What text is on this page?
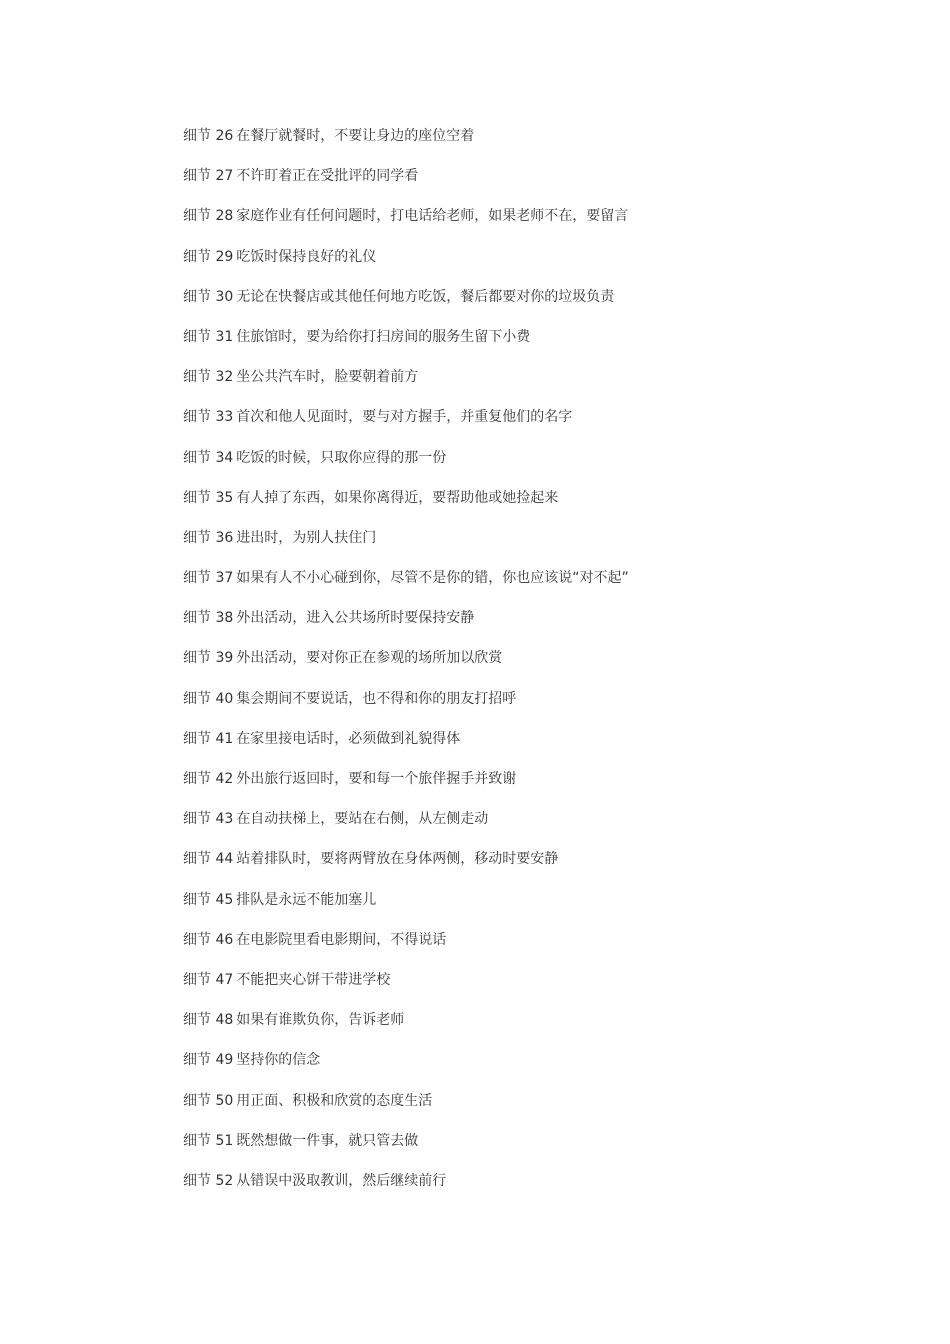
细节 26 在餐厅就餐时，不要让身边的座位空着
细节 27 不许盯着正在受批评的同学看
细节 28 家庭作业有任何问题时，打电话给老师，如果老师不在，要留言
细节 29 吃饭时保持良好的礼仪
细节 30 无论在快餐店或其他任何地方吃饭，餐后都要对你的垃圾负责
细节 31 住旅馆时，要为给你打扫房间的服务生留下小费
细节 32 坐公共汽车时，脸要朝着前方
细节 33 首次和他人见面时，要与对方握手，并重复他们的名字
细节 34 吃饭的时候，只取你应得的那一份
细节 35 有人掉了东西，如果你离得近，要帮助他或她捡起来
细节 36 进出时，为别人扶住门
细节 37 如果有人不小心碰到你，尽管不是你的错，你也应该说“对不起”
细节 38 外出活动，进入公共场所时要保持安静
细节 39 外出活动，要对你正在参观的场所加以欣赏
细节 40 集会期间不要说话，也不得和你的朋友打招呼
细节 41 在家里接电话时，必须做到礼貌得体
细节 42 外出旅行返回时，要和每一个旅伴握手并致谢
细节 43 在自动扶梯上，要站在右侧，从左侧走动
细节 44 站着排队时，要将两臂放在身体两侧，移动时要安静
细节 45 排队是永远不能加塞儿
细节 46 在电影院里看电影期间，不得说话
细节 47 不能把夹心饼干带进学校
细节 48 如果有谁欺负你，告诉老师
细节 49 坚持你的信念
细节 50 用正面、积极和欣赏的态度生活
细节 51 既然想做一件事，就只管去做
细节 52 从错误中汲取教训，然后继续前行
